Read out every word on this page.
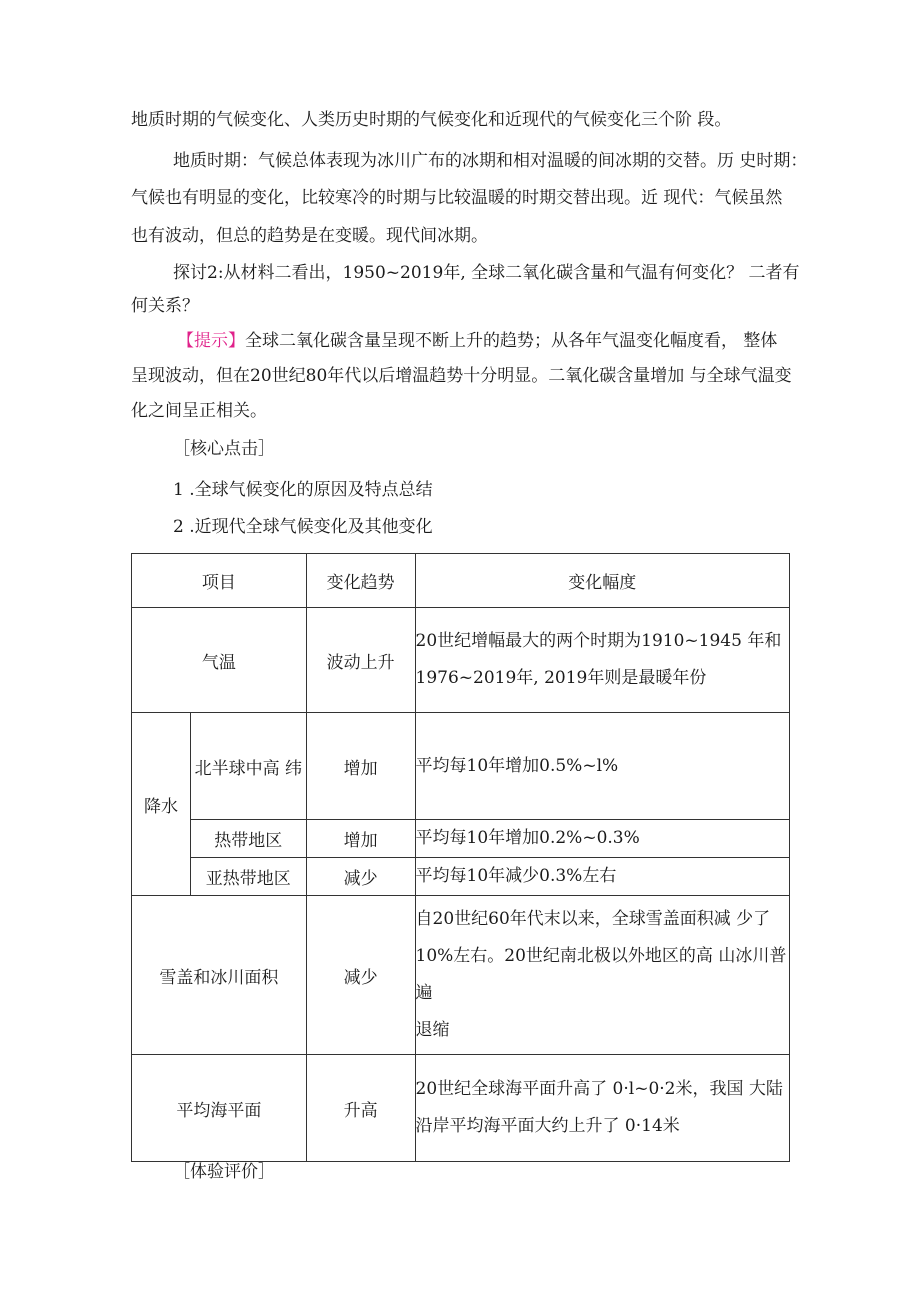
地质时期的气候变化、人类历史时期的气候变化和近现代的气候变化三个阶 段。
地质时期：气候总体表现为冰川广布的冰期和相对温暖的间冰期的交替。历 史时期：
气候也有明显的变化，比较寒冷的时期与比较温暖的时期交替出现。近 现代：气候虽然
也有波动，但总的趋势是在变暖。现代间冰期。
探讨2:从材料二看出，1950~2019年, 全球二氧化碳含量和气温有何变化？ 二者有
何关系？
【提示】全球二氧化碳含量呈现不断上升的趋势；从各年气温变化幅度看， 整体
呈现波动，但在20世纪80年代以后增温趋势十分明显。二氧化碳含量增加 与全球气温变
化之间呈正相关。
［核心点击］
1 .全球气候变化的原因及特点总结
2 .近现代全球气候变化及其他变化
项目		变化趋势	变化幅度
气温		波动上升	20世纪增幅最大的两个时期为1910~1945 年和
1976~2019年, 2019年则是最暖年份

降水	北半球中高 纬	增加	平均每10年增加0.5%~l%
	热带地区	增加	平均每10年增加0.2%~0.3%
	亚热带地区	减少	平均每10年减少0.3%左右
雪盖和冰川面积		减少	自20世纪60年代末以来，全球雪盖面积减 少了
10%左右。20世纪南北极以外地区的高 山冰川普遍
退缩

平均海平面		升高	20世纪全球海平面升高了 0·l~0·2米，我国 大陆
沿岸平均海平面大约上升了 0·14米
［体验评价］
